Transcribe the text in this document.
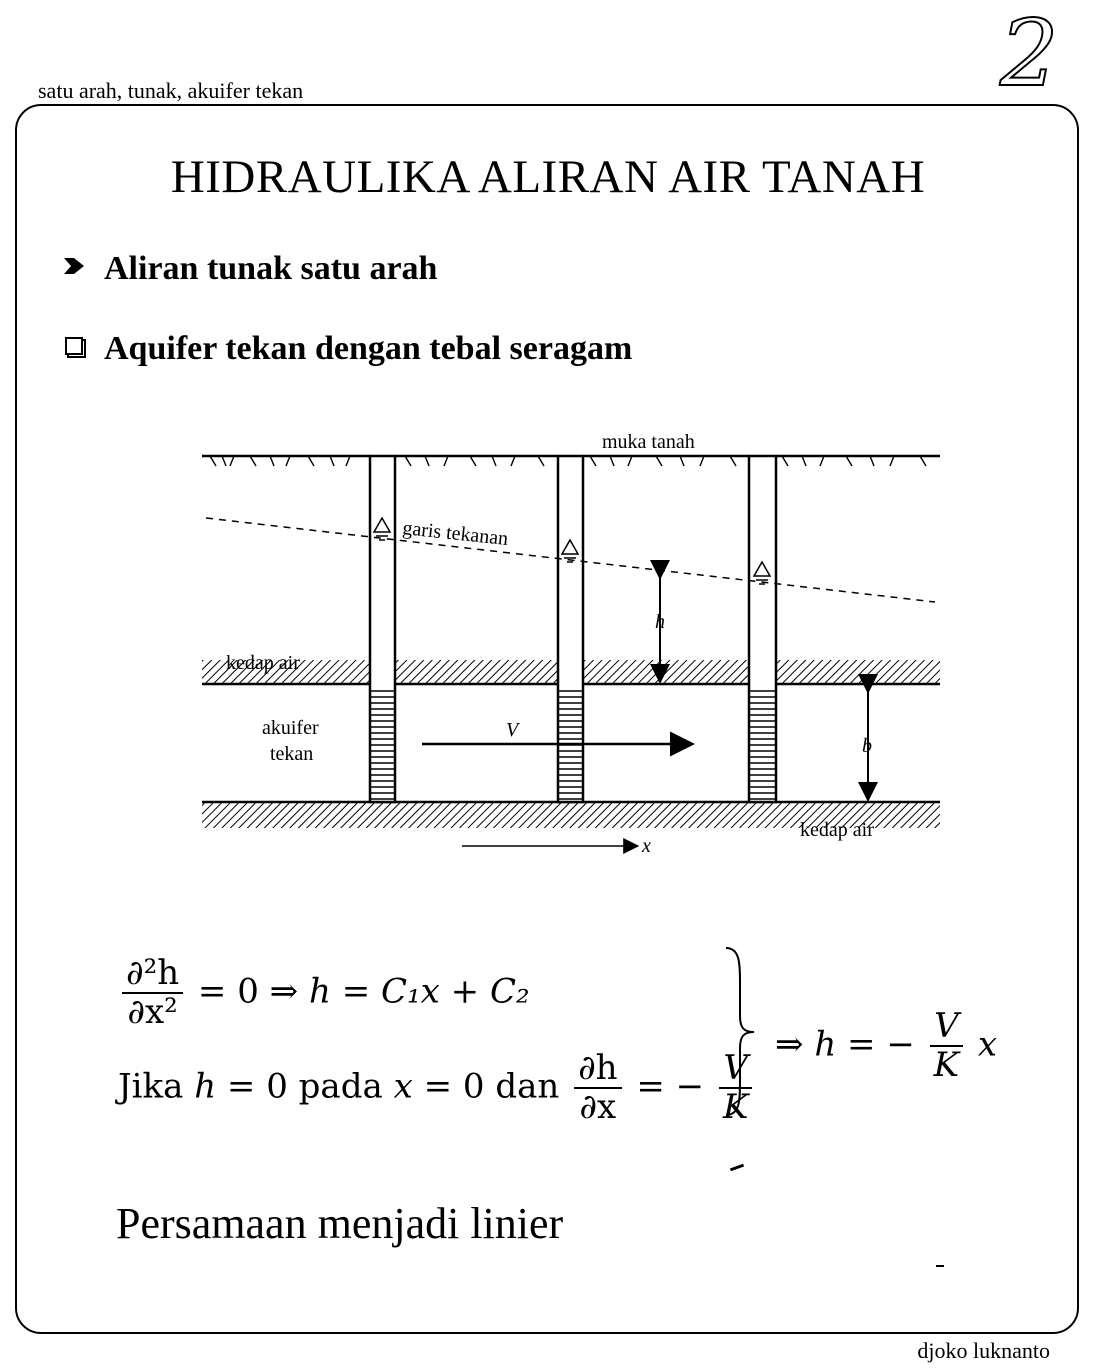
satu arah, tunak, akuifer tekan	2
HIDRAULIKA ALIRAN AIR TANAH
Aliran tunak satu arah
Aquifer tekan dengan tebal seragam
muka tanah
garis tekanan
kedap air
akuifer
tekan
V
h
b
kedap air
x
$\frac{\text{∂²h}}{\text{∂x²}} = 0$ ⇒ h = C₁x + C₂
Jika h = 0 pada x = 0 dan $\frac{\partial h}{\partial x}$ = − $\frac{V}{K}$
⇒ h = − $\frac{V}{K}$ x
Persamaan menjadi linier
djoko luknanto
